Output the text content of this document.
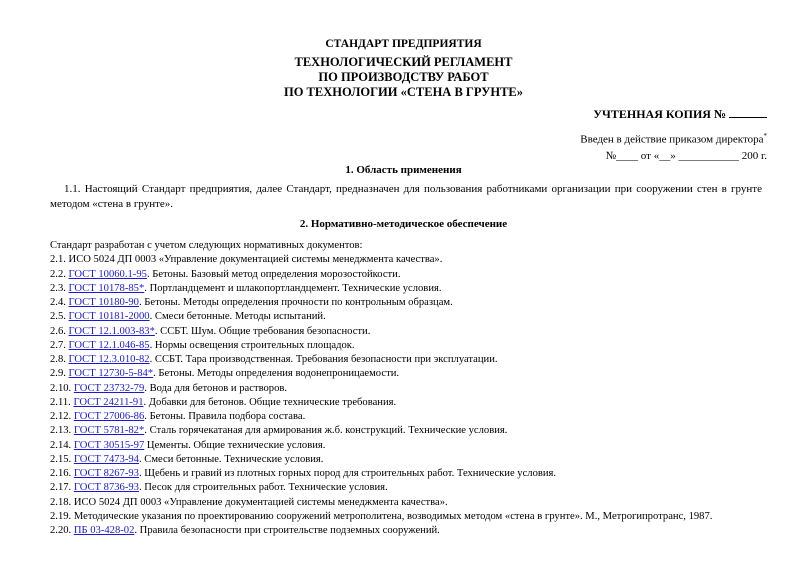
СТАНДАРТ ПРЕДПРИЯТИЯ
ТЕХНОЛОГИЧЕСКИЙ РЕГЛАМЕНТ
ПО ПРОИЗВОДСТВУ РАБОТ
ПО ТЕХНОЛОГИИ «СТЕНА В ГРУНТЕ»
УЧТЕННАЯ КОПИЯ №
Введен в действие приказом директора*
№____ от «__» ___________ 200 г.
1. Область применения
1.1. Настоящий Стандарт предприятия, далее Стандарт, предназначен для пользования работниками организации при сооружении стен в грунте методом «стена в грунте».
2. Нормативно-методическое обеспечение
Стандарт разработан с учетом следующих нормативных документов:
2.1. ИСО 5024 ДП 0003 «Управление документацией системы менеджмента качества».
2.2. ГОСТ 10060.1-95. Бетоны. Базовый метод определения морозостойкости.
2.3. ГОСТ 10178-85*. Портландцемент и шлакопортландцемент. Технические условия.
2.4. ГОСТ 10180-90. Бетоны. Методы определения прочности по контрольным образцам.
2.5. ГОСТ 10181-2000. Смеси бетонные. Методы испытаний.
2.6. ГОСТ 12.1.003-83*. ССБТ. Шум. Общие требования безопасности.
2.7. ГОСТ 12.1.046-85. Нормы освещения строительных площадок.
2.8. ГОСТ 12.3.010-82. ССБТ. Тара производственная. Требования безопасности при эксплуатации.
2.9. ГОСТ 12730-5-84*. Бетоны. Методы определения водонепроницаемости.
2.10. ГОСТ 23732-79. Вода для бетонов и растворов.
2.11. ГОСТ 24211-91. Добавки для бетонов. Общие технические требования.
2.12. ГОСТ 27006-86. Бетоны. Правила подбора состава.
2.13. ГОСТ 5781-82*. Сталь горячекатаная для армирования ж.б. конструкций. Технические условия.
2.14. ГОСТ 30515-97 Цементы. Общие технические условия.
2.15. ГОСТ 7473-94. Смеси бетонные. Технические условия.
2.16. ГОСТ 8267-93. Щебень и гравий из плотных горных пород для строительных работ. Технические условия.
2.17. ГОСТ 8736-93. Песок для строительных работ. Технические условия.
2.18. ИСО 5024 ДП 0003 «Управление документацией системы менеджмента качества».
2.19. Методические указания по проектированию сооружений метрополитена, возводимых методом «стена в грунте». М., Метрогипротранс, 1987.
2.20. ПБ 03-428-02. Правила безопасности при строительстве подземных сооружений.
